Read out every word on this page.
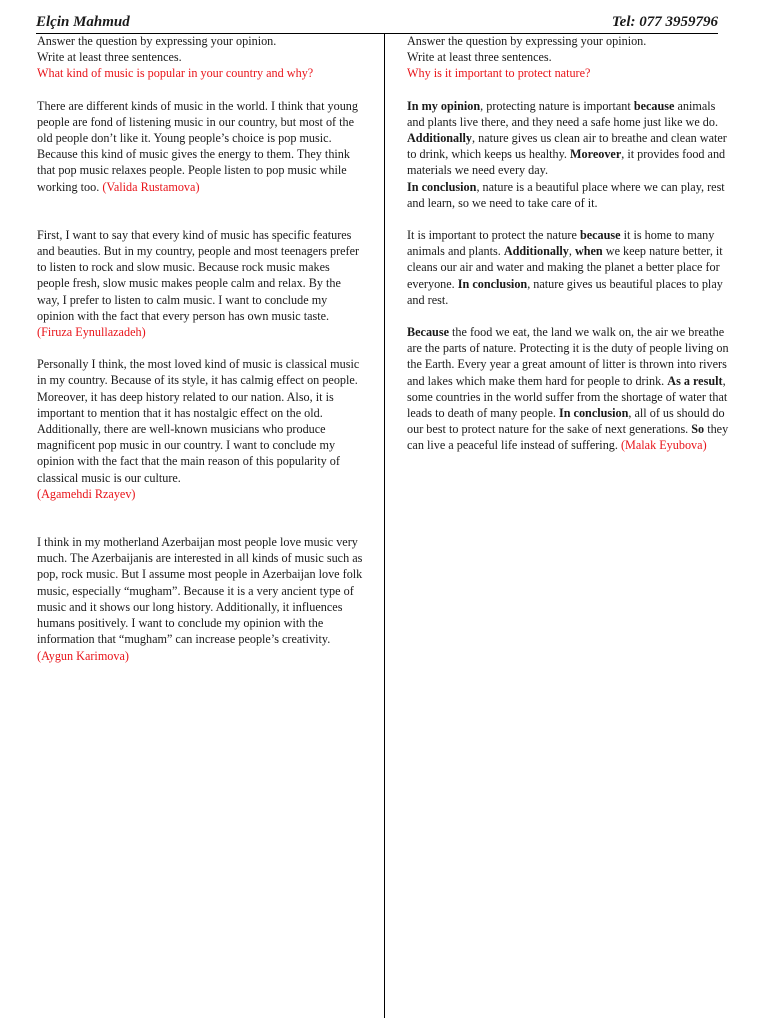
Elçin Mahmud	Tel: 077 3959796

Answer the question by expressing your opinion.

Write at least three sentences.

What kind of music is popular in your country and why?

There are different kinds of music in the world. I think that young people are fond of listening music in our country, but most of the old people don’t like it. Young people’s choice is pop music. Because this kind of music gives the energy to them. They think that pop music relaxes people. People listen to pop music while working too. (Valida Rustamova)

First, I want to say that every kind of music has specific features and beauties. But in my country, people and most teenagers prefer to listen to rock and slow music. Because rock music makes people fresh, slow music makes people calm and relax. By the way, I prefer to listen to calm music. I want to conclude my opinion with the fact that every person has own music taste. (Firuza Eynullazadeh)

Personally I think, the most loved kind of music is classical music in my country. Because of its style, it has calmig effect on people. Moreover, it has deep history related to our nation. Also, it is important to mention that it has nostalgic effect on the old. Additionally, there are well-known musicians who produce magnificent pop music in our country. I want to conclude my opinion with the fact that the main reason of this popularity of classical music is our culture.
(Agamehdi Rzayev)

I think in my motherland Azerbaijan most people love music very much. The Azerbaijanis are interested in all kinds of music such as pop, rock music. But I assume most people in Azerbaijan love folk music, especially “mugham”. Because it is a very ancient type of music and it shows our long history. Additionally, it influences humans positively. I want to conclude my opinion with the information that “mugham” can increase people’s creativity.
(Aygun Karimova)

Answer the question by expressing your opinion.

Write at least three sentences.

Why is it important to protect nature?

In my opinion, protecting nature is important because animals and plants live there, and they need a safe home just like we do. Additionally, nature gives us clean air to breathe and clean water to drink, which keeps us healthy. Moreover, it provides food and materials we need every day.
In conclusion, nature is a beautiful place where we can play, rest and learn, so we need to take care of it.

It is important to protect the nature because it is home to many animals and plants. Additionally, when we keep nature better, it cleans our air and water and making the planet a better place for everyone. In conclusion, nature gives us beautiful places to play and rest.

Because the food we eat, the land we walk on, the air we breathe are the parts of nature. Protecting it is the duty of people living on the Earth. Every year a great amount of litter is thrown into rivers and lakes which make them hard for people to drink. As a result, some countries in the world suffer from the shortage of water that leads to death of many people. In conclusion, all of us should do our best to protect nature for the sake of next generations. So they can live a peaceful life instead of suffering. (Malak Eyubova)
